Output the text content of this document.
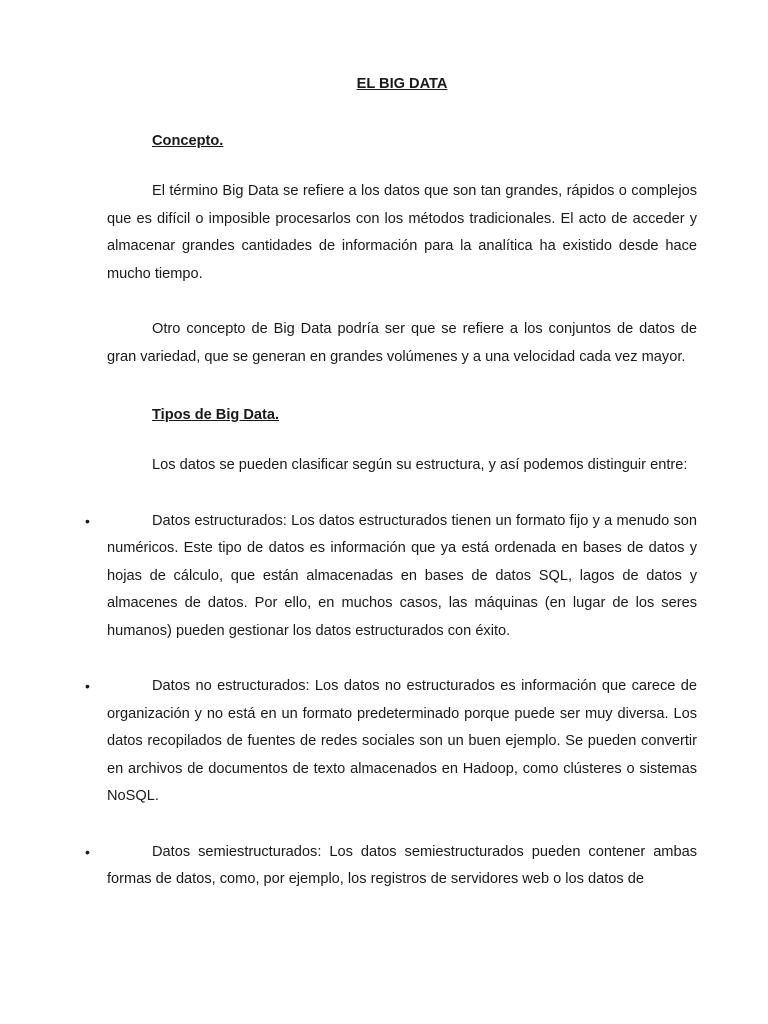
EL BIG DATA
Concepto.

El término Big Data se refiere a los datos que son tan grandes, rápidos o complejos que es difícil o imposible procesarlos con los métodos tradicionales. El acto de acceder y almacenar grandes cantidades de información para la analítica ha existido desde hace mucho tiempo.

Otro concepto de Big Data podría ser que se refiere a los conjuntos de datos de gran variedad, que se generan en grandes volúmenes y a una velocidad cada vez mayor.

Tipos de Big Data.

Los datos se pueden clasificar según su estructura, y así podemos distinguir entre:

•	Datos estructurados: Los datos estructurados tienen un formato fijo y a menudo son numéricos. Este tipo de datos es información que ya está ordenada en bases de datos y hojas de cálculo, que están almacenadas en bases de datos SQL, lagos de datos y almacenes de datos. Por ello, en muchos casos, las máquinas (en lugar de los seres humanos) pueden gestionar los datos estructurados con éxito.

•	Datos no estructurados: Los datos no estructurados es información que carece de organización y no está en un formato predeterminado porque puede ser muy diversa. Los datos recopilados de fuentes de redes sociales son un buen ejemplo. Se pueden convertir en archivos de documentos de texto almacenados en Hadoop, como clústeres o sistemas NoSQL.

•	Datos semiestructurados: Los datos semiestructurados pueden contener ambas formas de datos, como, por ejemplo, los registros de servidores web o los datos de
